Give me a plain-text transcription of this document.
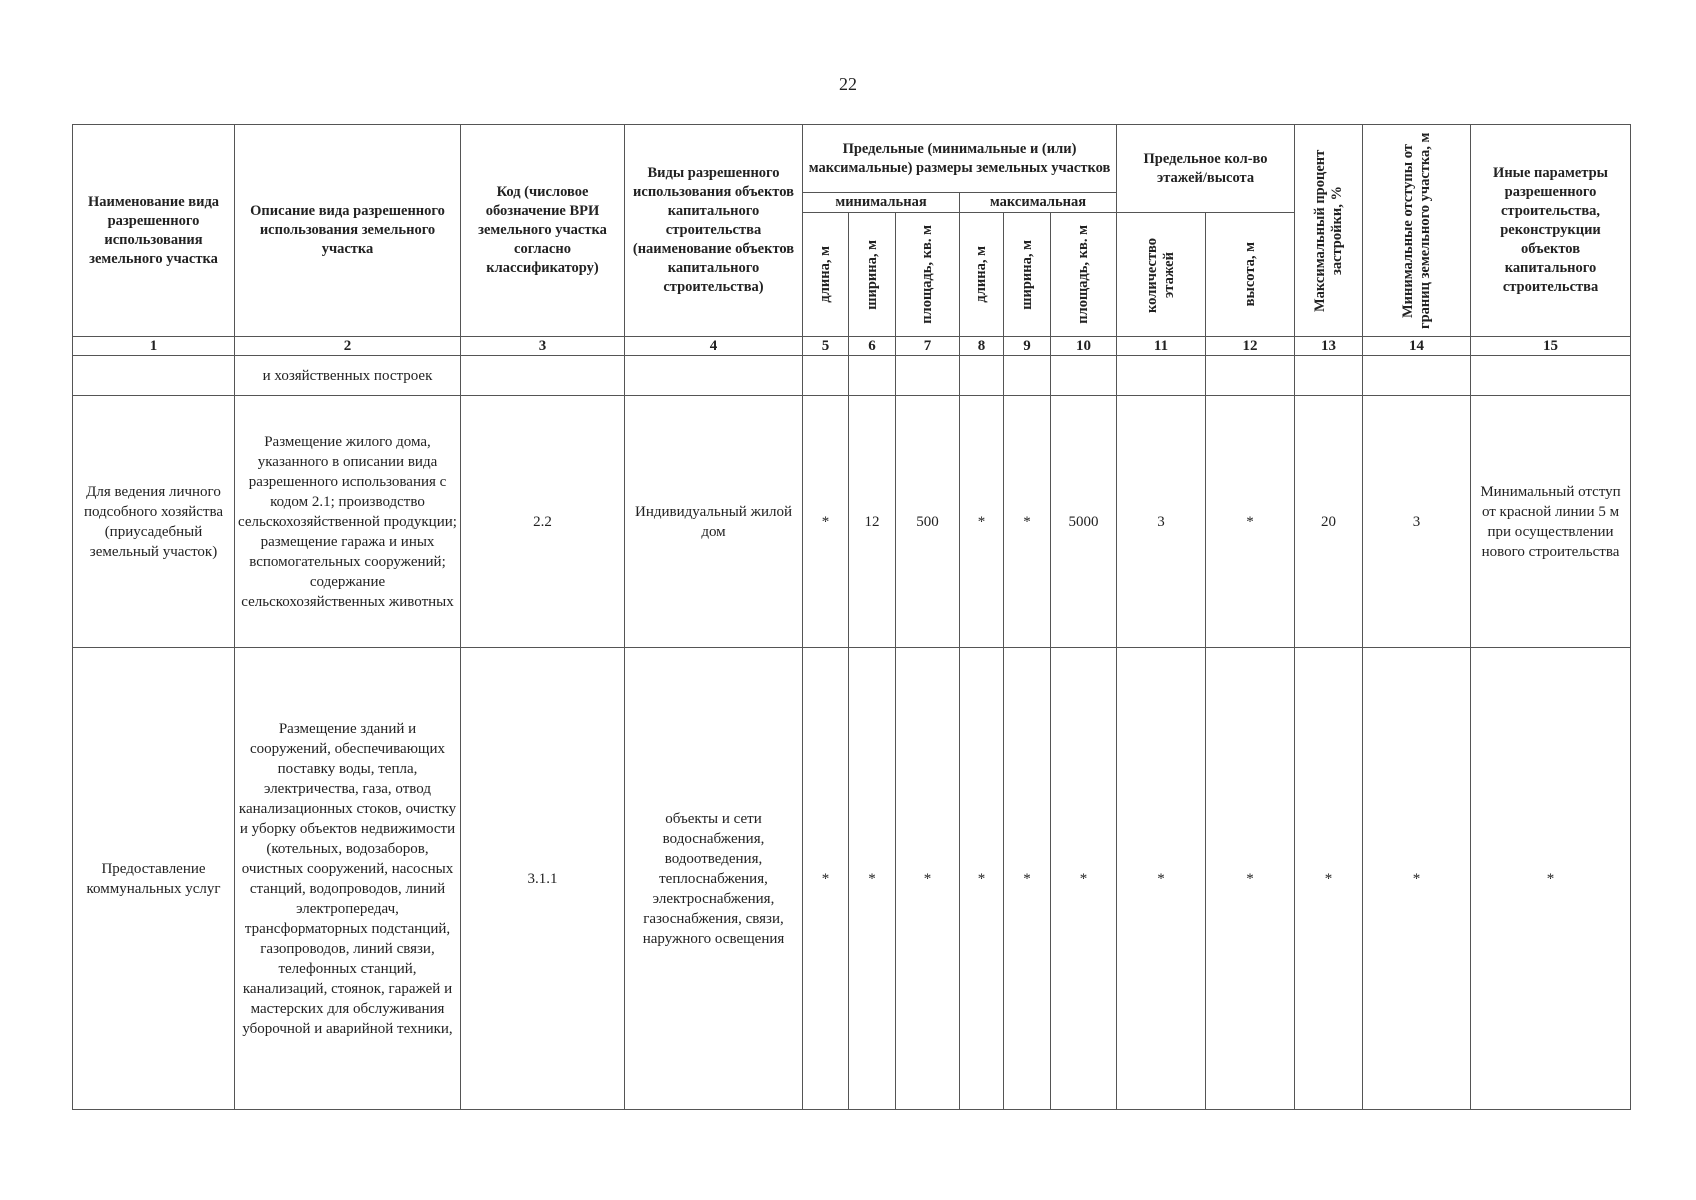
22
Наименование вида разрешенного использования земельного участка	Описание вида разрешенного использования земельного участка	Код (числовое обозначение ВРИ земельного участка согласно классификатору)	Виды разрешенного использования объектов капитального строительства (наименование объектов капитального строительства)	Предельные (минимальные и (или) максимальные) размеры земельных участков						Предельное кол-во этажей/высота		Максимальный процент застройки, %	Минимальные отступы от границ земельного участка, м	Иные параметры разрешенного строительства, реконструкции объектов капитального строительства
				минимальная			максимальная							

				длина, м	ширина, м	площадь, кв. м	длина, м	ширина, м	площадь, кв. м	количество этажей	высота, м			

1	2	3	4	5	6	7	8	9	10	11	12	13	14	15
	и хозяйственных построек													
Для ведения личного подсобного хозяйства (приусадебный земельный участок)	Размещение жилого дома, указанного в описании вида разрешенного использования с кодом 2.1; производство сельскохозяйственной продукции; размещение гаража и иных вспомогательных сооружений; содержание сельскохозяйственных животных	2.2	Индивидуальный жилой дом	*	12	500	*	*	5000	3	*	20	3	Минимальный отступ от красной линии 5 м при осуществлении нового строительства
Предоставление коммунальных услуг	Размещение зданий и сооружений, обеспечивающих поставку воды, тепла, электричества, газа, отвод канализационных стоков, очистку и уборку объектов недвижимости (котельных, водозаборов, очистных сооружений, насосных станций, водопроводов, линий электропередач, трансформаторных подстанций, газопроводов, линий связи, телефонных станций, канализаций, стоянок, гаражей и мастерских для обслуживания уборочной и аварийной техники,	3.1.1	объекты и сети водоснабжения, водоотведения, теплоснабжения, электроснабжения, газоснабжения, связи, наружного освещения	*	*	*	*	*	*	*	*	*	*	*
